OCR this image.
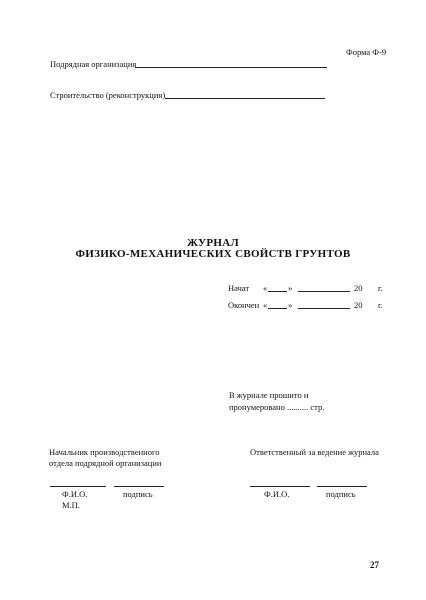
Форма Ф-9
Подрядная организация
Строительство (реконструкция)
ЖУРНАЛ
ФИЗИКО-МЕХАНИЧЕСКИХ СВОЙСТВ ГРУНТОВ
Начат « »	20 г.
Окончен « »	20 г.
В журнале прошито и
пронумеровано .......... стр.
Начальник производственного
отдела подрядной организации
Ф.И.О.	подпись
М.П.
Ответственный за ведение журнала
Ф.И.О.	подпись
27
